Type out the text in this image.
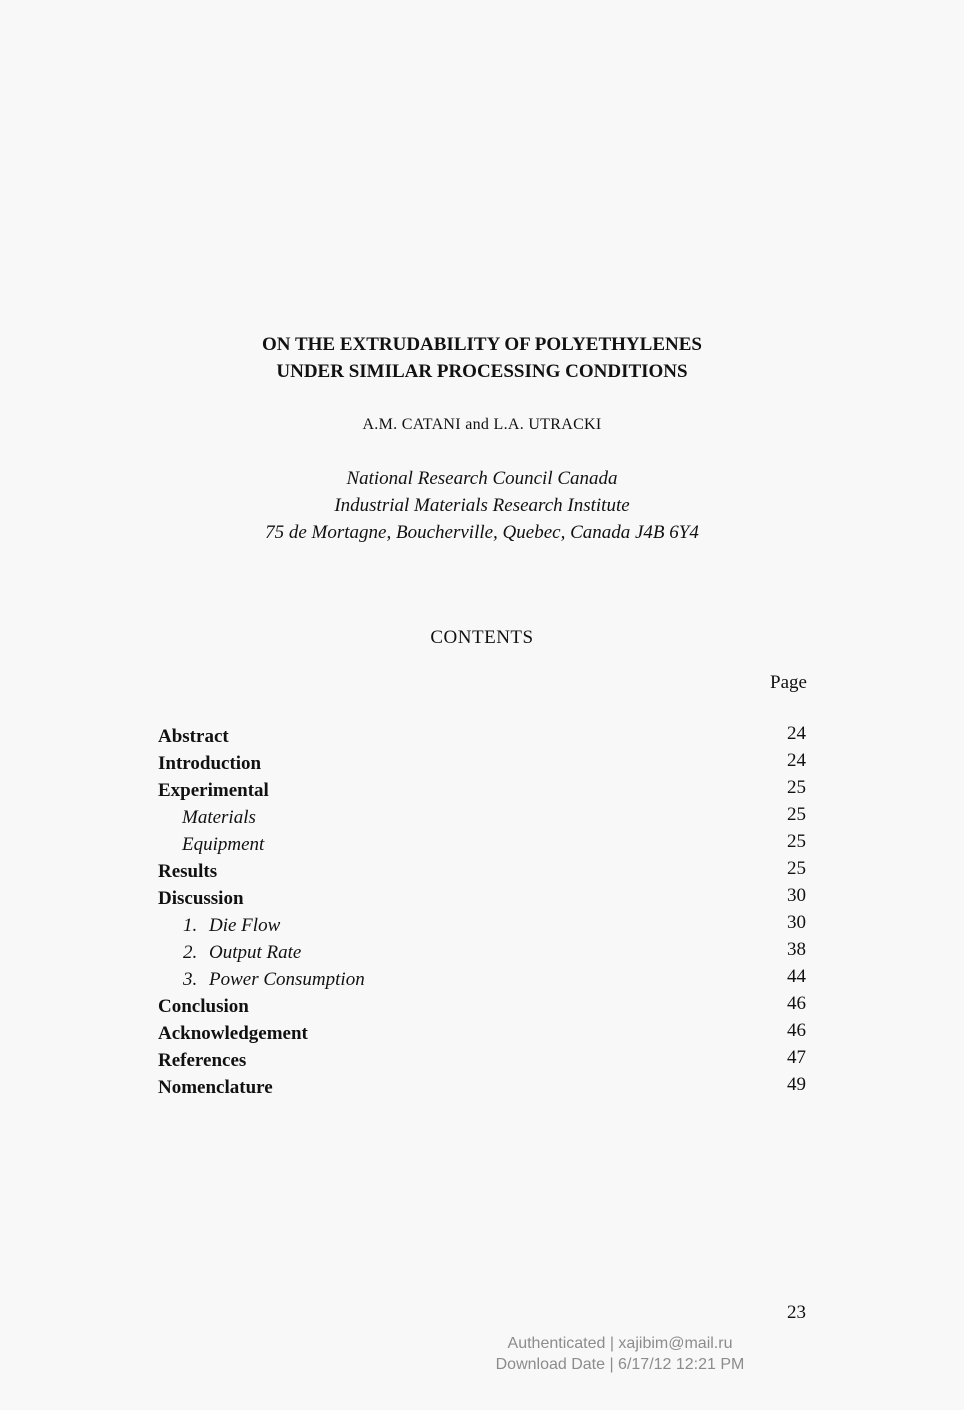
ON THE EXTRUDABILITY OF POLYETHYLENES
UNDER SIMILAR PROCESSING CONDITIONS
A.M. CATANI and L.A. UTRACKI
National Research Council Canada
Industrial Materials Research Institute
75 de Mortagne, Boucherville, Quebec, Canada J4B 6Y4
CONTENTS
Page
Abstract	24
Introduction	24
Experimental	25
Materials	25
Equipment	25
Results	25
Discussion	30
1. Die Flow	30
2. Output Rate	38
3. Power Consumption	44
Conclusion	46
Acknowledgement	46
References	47
Nomenclature	49
23
Authenticated | xajibim@mail.ru
Download Date | 6/17/12 12:21 PM
